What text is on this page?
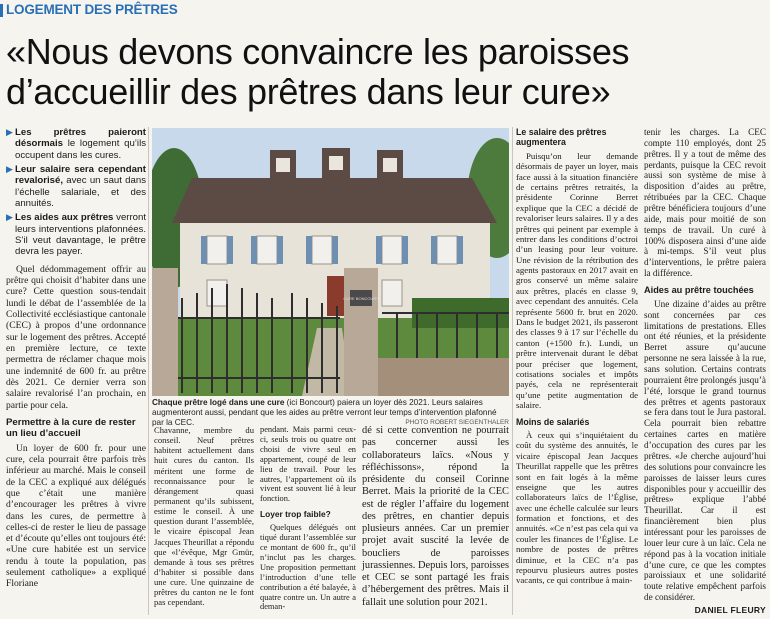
LOGEMENT DES PRÊTRES
«Nous devons convaincre les paroisses d’accueillir des prêtres dans leur cure»
▶ Les prêtres paieront désormais le logement qu’ils occupent dans les cures.
▶ Leur salaire sera cependant revalorisé, avec un saut dans l’échelle salariale, et des annuités.
▶ Les aides aux prêtres verront leurs interventions plafonnées. S’il veut davantage, le prêtre devra les payer.

Quel dédommagement offrir au prêtre qui choisit d’habiter dans une cure? Cette question sous-tendait lundi le débat de l’assemblée de la Collectivité ecclésiastique cantonale (CEC) à propos d’une ordonnance sur le logement des prêtres. Accepté en première lecture, ce texte permettra de réclamer chaque mois une indemnité de 600 fr. au prêtre dès 2021. Ce dernier verra son salaire revalorisé l’an prochain, en partie pour cela.

Permettre à la cure de rester un lieu d’accueil

Un loyer de 600 fr. pour une cure, cela pourrait être parfois très inférieur au marché. Mais le conseil de la CEC a expliqué aux délégués que c’était une manière d’encourager les prêtres à vivre dans les cures, de permettre à celles-ci de rester le lieu de passage et d’écoute qu’elles ont toujours été: «Une cure habitée est un service rendu à toute la population, pas seulement catholique» a expliqué Floriane

CURE BONCOURT
Chaque prêtre logé dans une cure (ici Boncourt) paiera un loyer dès 2021. Leurs salaires augmenteront aussi, pendant que les aides au prêtre verront leur temps d’intervention plafonné par la CEC.	PHOTO ROBERT SIEGENTHALER

Chavanne, membre du conseil. Neuf prêtres habitent actuellement dans huit cures du canton. Ils méritent une forme de reconnaissance pour le dérangement quasi permanent qu’ils subissent, estime le conseil. À une question durant l’assemblée, le vicaire épiscopal Jean Jacques Theurillat a répondu que «l’évêque, Mgr Gmür, demande à tous ses prêtres d’habiter si possible dans une cure. Une quinzaine de prêtres du canton ne le font pas cependant.

pendant. Mais parmi ceux-ci, seuls trois ou quatre ont choisi de vivre seul en appartement, coupé de leur lieu de travail. Pour les autres, l’appartement où ils vivent est souvent lié à leur fonction.

Loyer trop faible?

Quelques délégués ont tiqué durant l’assemblée sur ce montant de 600 fr., qu’il n’inclut pas les charges. Une proposition permettant l’introduction d’une telle contribution a été balayée, à quatre contre un. Un autre a deman-

dé si cette convention ne pourrait pas concerner aussi les collaborateurs laïcs. «Nous y réfléchissons», répond la présidente du conseil Corinne Berret. Mais la priorité de la CEC est de régler l’affaire du logement des prêtres, en chantier depuis plusieurs années. Car un premier projet avait suscité la levée de boucliers de paroisses jurassiennes. Depuis lors, paroisses et CEC se sont partagé les frais d’hébergement des prêtres. Mais il fallait une solution pour 2021.

Le salaire des prêtres augmentera

Puisqu’on leur demande désormais de payer un loyer, mais face aussi à la situation financière de certains prêtres retraités, la présidente Corinne Berret explique que la CEC a décidé de revaloriser leurs salaires. Il y a des prêtres qui peinent par exemple à entrer dans les conditions d’octroi d’un leasing pour leur voiture. Une révision de la rétribution des agents pastoraux en 2017 avait en gros conservé un même salaire aux prêtres, placés en classe 9, avec cependant des annuités. Cela représente 5600 fr. brut en 2020. Dans le budget 2021, ils passeront des classes 9 à 17 sur l’échelle du canton (+1500 fr.). Lundi, un prêtre intervenait durant le débat pour préciser que logement, cotisations sociales et impôts payés, cela ne représenterait qu’une petite augmentation de salaire.

Moins de salariés

À ceux qui s’inquiétaient du coût du système des annuités, le vicaire épiscopal Jean Jacques Theurillat rappelle que les prêtres sont en fait logés à la même enseigne que les autres collaborateurs laïcs de l’Église, avec une échelle calculée sur leurs formation et fonctions, et des annuités. «Ce n’est pas cela qui va couler les finances de l’Église. Le nombre de postes de prêtres diminue, et la CEC n’a pas repourvu plusieurs autres postes vacants, ce qui contribue à main-

tenir les charges. La CEC compte 110 employés, dont 25 prêtres. Il y a tout de même des perdants, puisque la CEC revoit aussi son système de mise à disposition d’aides au prêtre, rétribuées par la CEC. Chaque prêtre bénéficiera toujours d’une aide, mais pour moitié de son temps de travail. Un curé à 100% disposera ainsi d’une aide à mi-temps. S’il veut plus d’interventions, le prêtre paiera la différence.

Aides au prêtre touchées

Une dizaine d’aides au prêtre sont concernées par ces limitations de prestations. Elles ont été réunies, et la présidente Berret assure qu’aucune personne ne sera laissée à la rue, sans solution. Certains contrats pourraient être prolongés jusqu’à l’été, lorsque le grand tournus des prêtres et agents pastoraux se fera dans tout le Jura pastoral. Cela pourrait bien rebattre certaines cartes en matière d’occupation des cures par les prêtres. «Je cherche aujourd’hui des solutions pour convaincre les paroisses de laisser leurs cures disponibles pour y accueillir des prêtres» explique l’abbé Theurillat. Car il est financièrement bien plus intéressant pour les paroisses de louer leur cure à un laïc. Cela ne répond pas à la vocation initiale d’une cure, ce que les comptes paroissiaux et une solidarité toute relative empêchent parfois de considérer.

DANIEL FLEURY
